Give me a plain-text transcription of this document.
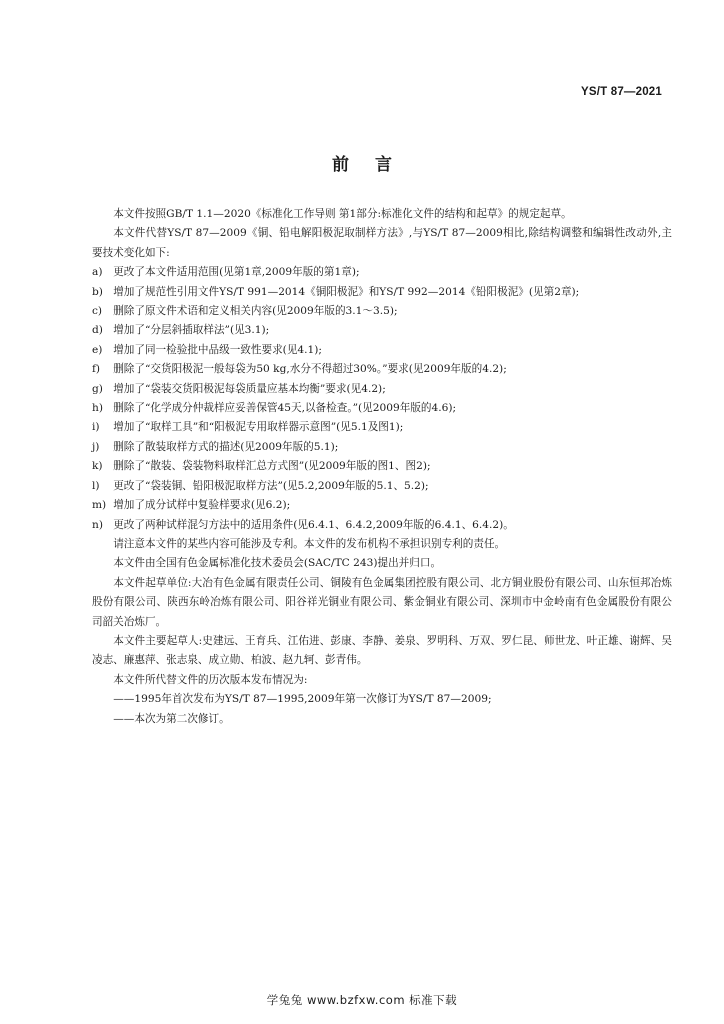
YS/T 87—2021
前言

本文件按照GB/T 1.1—2020《标准化工作导则 第1部分:标准化文件的结构和起草》的规定起草。

本文件代替YS/T 87—2009《铜、铅电解阳极泥取制样方法》,与YS/T 87—2009相比,除结构调整和编辑性改动外,主要技术变化如下:

a)	更改了本文件适用范围(见第1章,2009年版的第1章);

b) 增加了规范性引用文件YS/T 991—2014《铜阳极泥》和YS/T 992—2014《铅阳极泥》(见第2章);

c)	删除了原文件术语和定义相关内容(见2009年版的3.1～3.5);

d) 增加了“分层斜插取样法”(见3.1);

e)	增加了同一检验批中品级一致性要求(见4.1);

f)	删除了“交货阳极泥一般每袋为50 kg,水分不得超过30%。”要求(见2009年版的4.2);

g) 增加了“袋装交货阳极泥每袋质量应基本均衡”要求(见4.2);

h) 删除了“化学成分仲裁样应妥善保管45天,以备检查。”(见2009年版的4.6);

i)	增加了“取样工具”和“阳极泥专用取样器示意图”(见5.1及图1);

j)	删除了散装取样方式的描述(见2009年版的5.1);

k)	删除了“散装、袋装物料取样汇总方式图”(见2009年版的图1、图2);

l)	更改了“袋装铜、铅阳极泥取样方法”(见5.2,2009年版的5.1、5.2);

m) 增加了成分试样中复验样要求(见6.2);

n) 更改了两种试样混匀方法中的适用条件(见6.4.1、6.4.2,2009年版的6.4.1、6.4.2)。

请注意本文件的某些内容可能涉及专利。本文件的发布机构不承担识别专利的责任。

本文件由全国有色金属标准化技术委员会(SAC/TC 243)提出并归口。

本文件起草单位:大冶有色金属有限责任公司、铜陵有色金属集团控股有限公司、北方铜业股份有限公司、山东恒邦冶炼股份有限公司、陕西东岭冶炼有限公司、阳谷祥光铜业有限公司、紫金铜业有限公司、深圳市中金岭南有色金属股份有限公司韶关冶炼厂。

本文件主要起草人:史建远、王育兵、江佑进、彭康、李静、姜泉、罗明科、万双、罗仁昆、师世龙、叶正雄、谢辉、吴凌志、廉惠萍、张志泉、成立勋、柏波、赵九轲、彭青伟。

本文件所代替文件的历次版本发布情况为:

——1995年首次发布为YS/T 87—1995,2009年第一次修订为YS/T 87—2009;

——本次为第二次修订。

学兔兔 www.bzfxw.com 标准下载
